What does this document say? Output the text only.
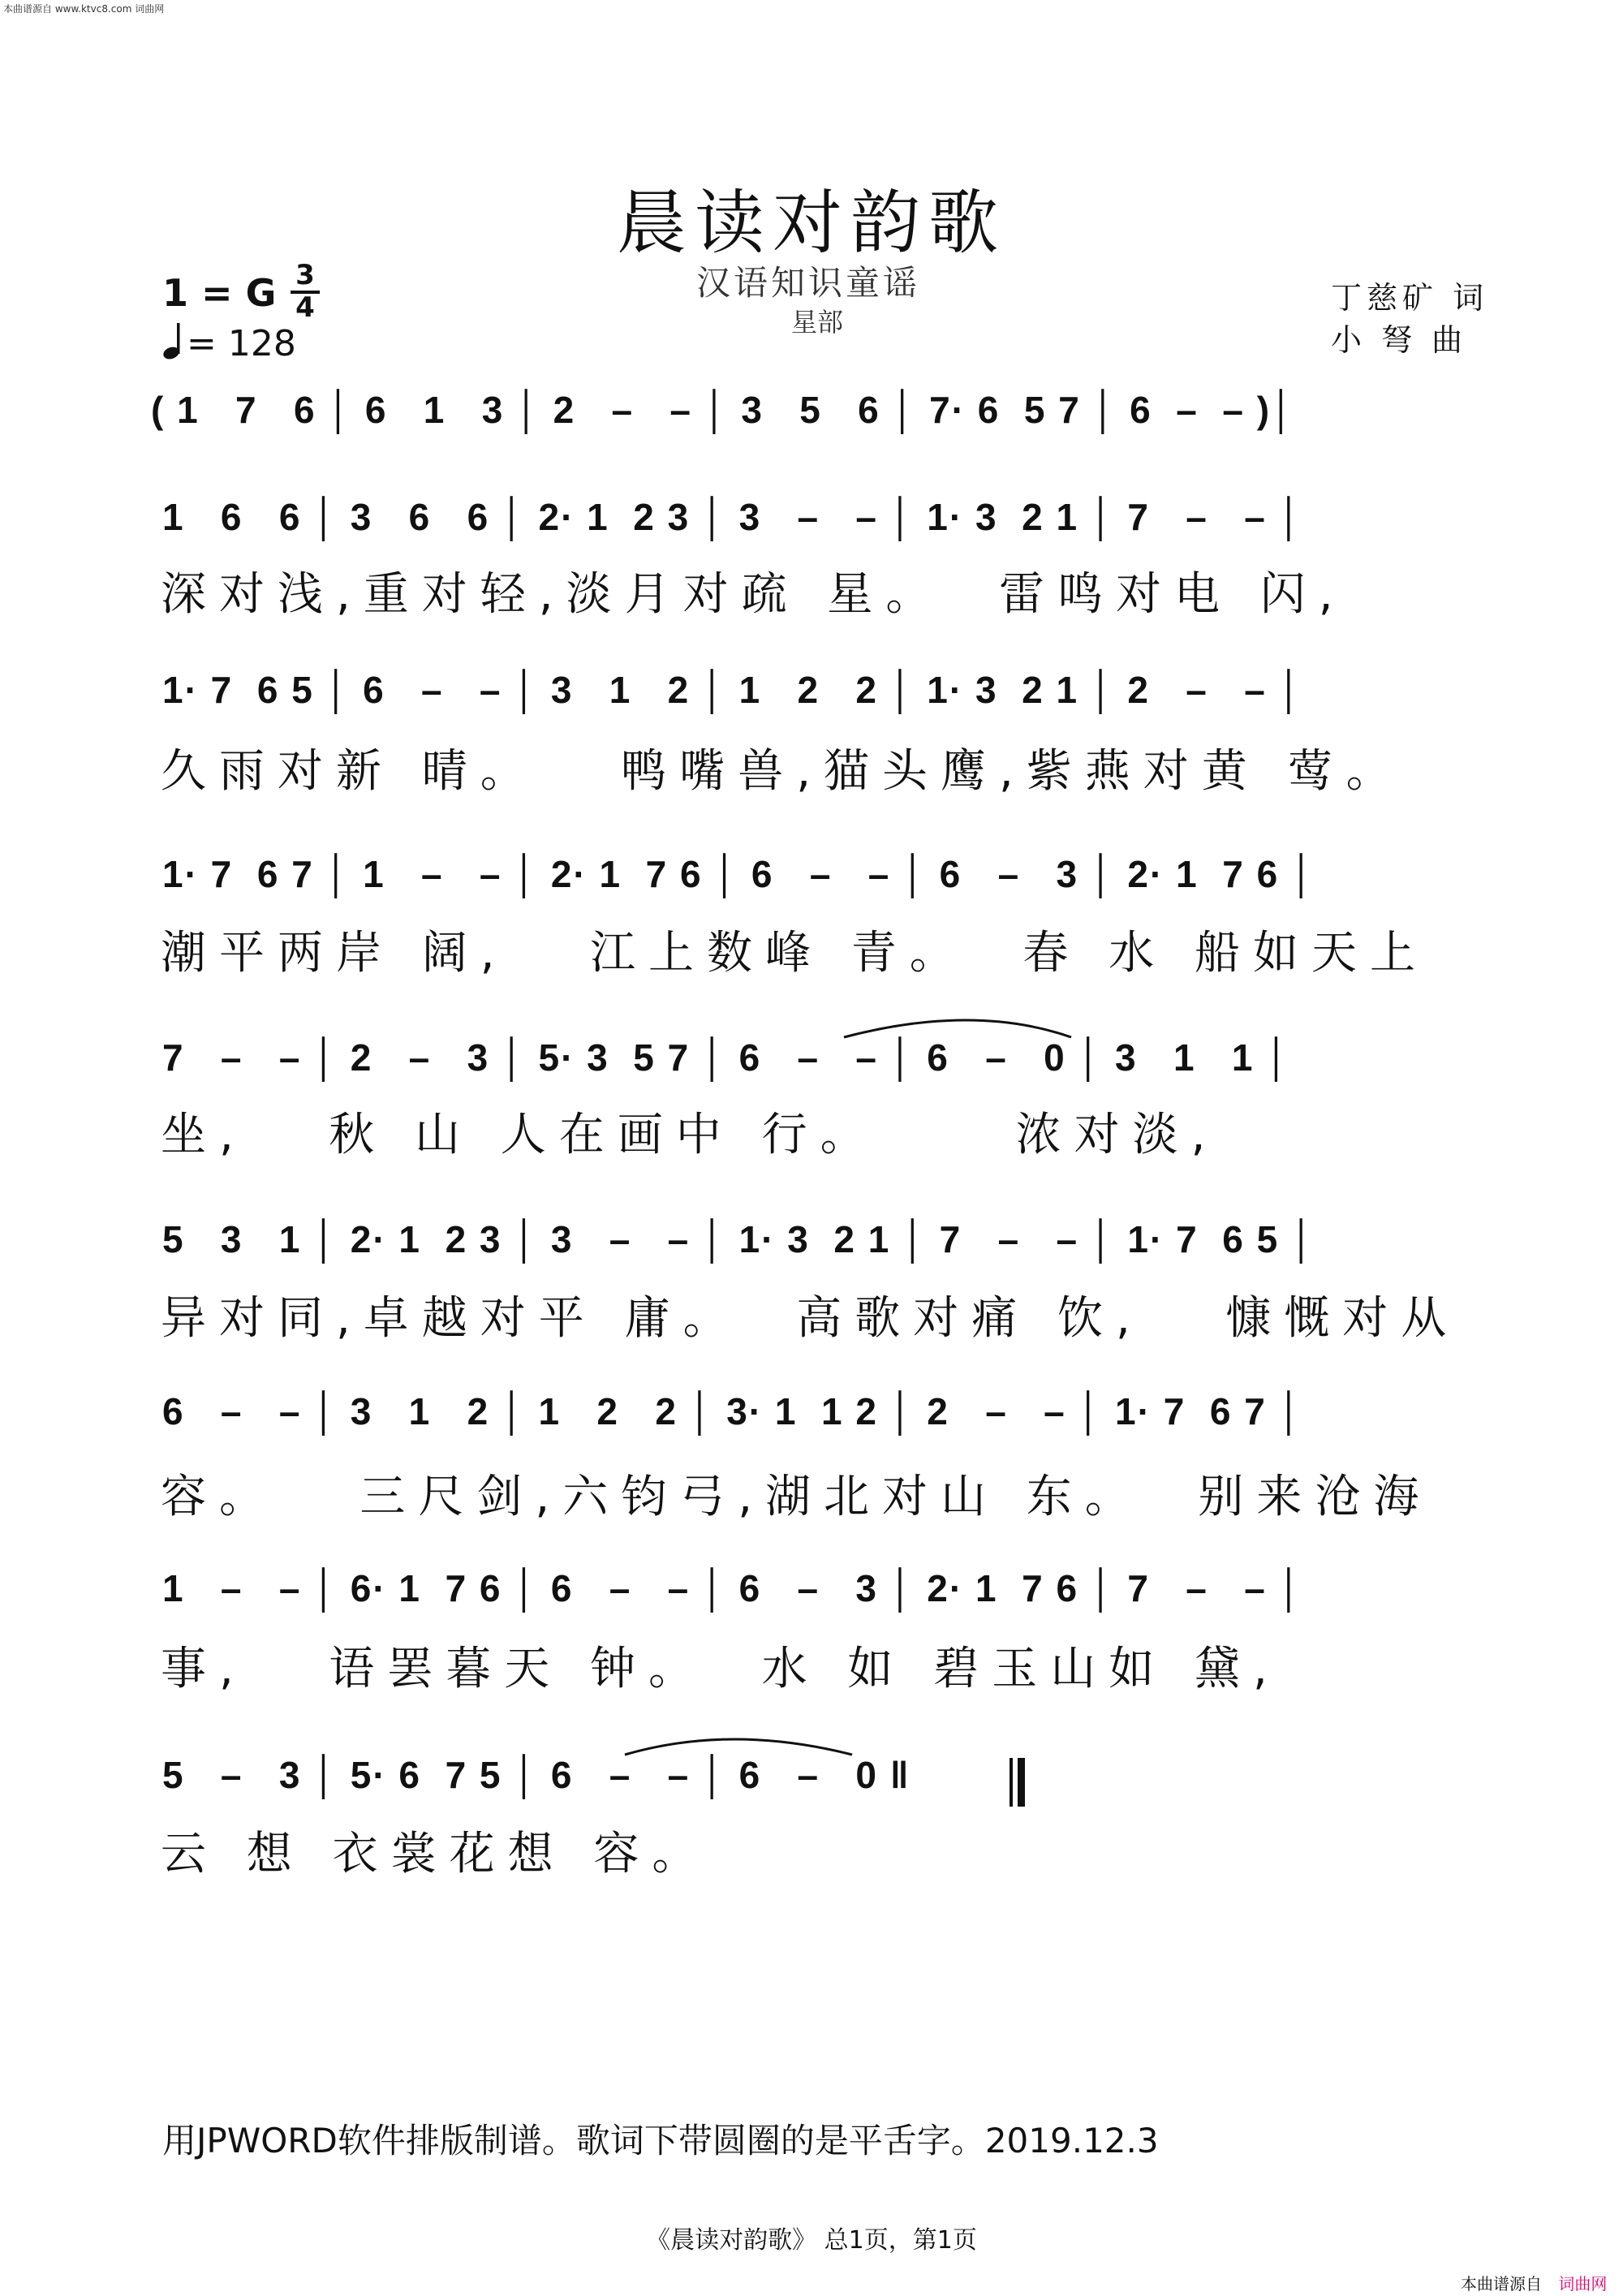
本曲谱源自 www.ktvc8.com 词曲网
晨读对韵歌
汉语知识童谣
星部
1 = G 3
4
= 128
丁慈矿 词
小 弩 曲
( 1   7   6 │ 6   1   3 │ 2   –   – │ 3   5   6 │ 7· 6  5 7 │ 6  –  – )│
1   6   6 │ 3   6   6 │ 2· 1  2 3 │ 3   –   – │ 1· 3  2 1 │ 7   –   – │
深对浅,重对轻,淡月对疏 星。  雷鸣对电 闪,
1· 7  6 5 │ 6   –   – │ 3   1   2 │ 1   2   2 │ 1· 3  2 1 │ 2   –   – │
久雨对新 晴。   鸭嘴兽,猫头鹰,紫燕对黄 莺。
1· 7  6 7 │ 1   –   – │ 2· 1  7 6 │ 6   –   – │ 6   –   3 │ 2· 1  7 6 │
潮平两岸 阔,   江上数峰 青。  春 水 船如天上
7   –   – │ 2   –   3 │ 5· 3  5 7 │ 6   –   – │ 6   –   0 │ 3   1   1 │
坐,   秋 山 人在画中 行。     浓对淡,
5   3   1 │ 2· 1  2 3 │ 3   –   – │ 1· 3  2 1 │ 7   –   – │ 1· 7  6 5 │
异对同,卓越对平 庸。  高歌对痛 饮,   慷慨对从
6   –   – │ 3   1   2 │ 1   2   2 │ 3· 1  1 2 │ 2   –   – │ 1· 7  6 7 │
容。   三尺剑,六钧弓,湖北对山 东。  别来沧海
1   –   – │ 6· 1  7 6 │ 6   –   – │ 6   –   3 │ 2· 1  7 6 │ 7   –   – │
事,   语罢暮天 钟。  水 如 碧玉山如 黛,
5   –   3 │ 5· 6  7 5 │ 6   –   – │ 6   –   0 ‖
云 想 衣裳花想 容。
用JPWORD软件排版制谱。歌词下带圆圈的是平舌字。2019.12.3
《晨读对韵歌》 总1页，第1页
本曲谱源自 词曲网
